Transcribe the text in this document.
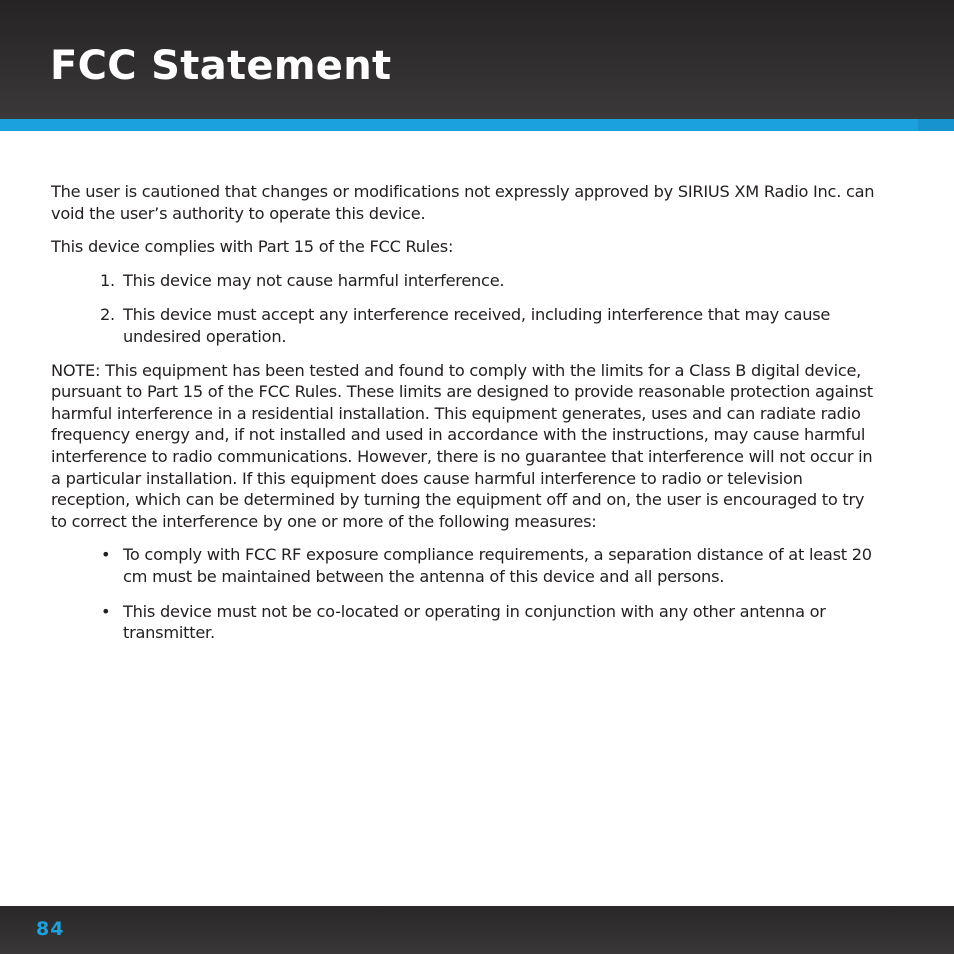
FCC Statement

The user is cautioned that changes or modifications not expressly approved by SIRIUS XM Radio Inc. can void the user’s authority to operate this device.

This device complies with Part 15 of the FCC Rules:

1. This device may not cause harmful interference.
2. This device must accept any interference received, including interference that may cause undesired operation.

NOTE: This equipment has been tested and found to comply with the limits for a Class B digital device, pursuant to Part 15 of the FCC Rules. These limits are designed to provide reasonable protection against harmful interference in a residential installation. This equipment generates, uses and can radiate radio frequency energy and, if not installed and used in accordance with the instructions, may cause harmful interference to radio communications. However, there is no guarantee that interference will not occur in a particular installation. If this equipment does cause harmful interference to radio or television reception, which can be determined by turning the equipment off and on, the user is encouraged to try to correct the interference by one or more of the following measures:

• To comply with FCC RF exposure compliance requirements, a separation distance of at least 20 cm must be maintained between the antenna of this device and all persons.
• This device must not be co-located or operating in conjunction with any other antenna or transmitter.
84
